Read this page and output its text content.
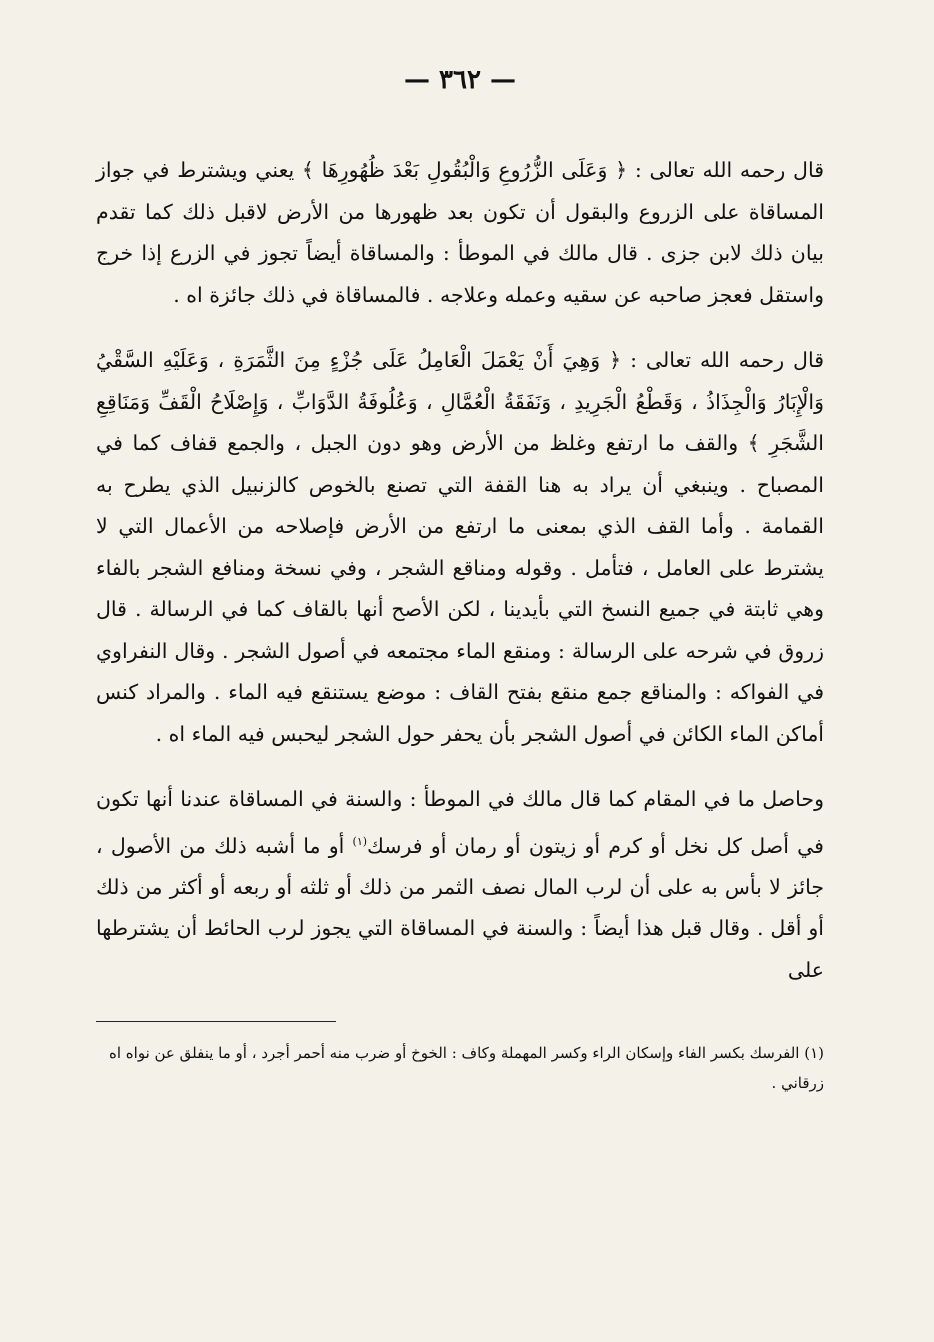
— ٣٦٢ —

قال رحمه الله تعالى : ﴿ وَعَلَى الزُّرُوعِ وَالْبُقُولِ بَعْدَ ظُهُورِهَا ﴾ يعني ويشترط في جواز المساقاة على الزروع والبقول أن تكون بعد ظهورها من الأرض لاقبل ذلك كما تقدم بيان ذلك لابن جزى . قال مالك في الموطأ : والمساقاة أيضاً تجوز في الزرع إذا خرج واستقل فعجز صاحبه عن سقيه وعمله وعلاجه . فالمساقاة في ذلك جائزة اه .

قال رحمه الله تعالى : ﴿ وَهِيَ أَنْ يَعْمَلَ الْعَامِلُ عَلَى جُزْءٍ مِنَ الثَّمَرَةِ ، وَعَلَيْهِ السَّقْيُ وَالْإِبَارُ وَالْجِذَاذُ ، وَقَطْعُ الْجَرِيدِ ، وَنَفَقَةُ الْعُمَّالِ ، وَعُلُوفَةُ الدَّوَابِّ ، وَإِصْلَاحُ الْقَفِّ وَمَنَاقِعِ الشَّجَرِ ﴾ والقف ما ارتفع وغلظ من الأرض وهو دون الجبل ، والجمع قفاف كما في المصباح . وينبغي أن يراد به هنا القفة التي تصنع بالخوص كالزنبيل الذي يطرح به القمامة . وأما القف الذي بمعنى ما ارتفع من الأرض فإصلاحه من الأعمال التي لا يشترط على العامل ، فتأمل . وقوله ومناقع الشجر ، وفي نسخة ومنافع الشجر بالفاء وهي ثابتة في جميع النسخ التي بأيدينا ، لكن الأصح أنها بالقاف كما في الرسالة . قال زروق في شرحه على الرسالة : ومنقع الماء مجتمعه في أصول الشجر . وقال النفراوي في الفواكه : والمناقع جمع منقع بفتح القاف : موضع يستنقع فيه الماء . والمراد كنس أماكن الماء الكائن في أصول الشجر بأن يحفر حول الشجر ليحبس فيه الماء اه .

وحاصل ما في المقام كما قال مالك في الموطأ : والسنة في المساقاة عندنا أنها تكون في أصل كل نخل أو كرم أو زيتون أو رمان أو فرسك$^{(١)}$ أو ما أشبه ذلك من الأصول ، جائز لا بأس به على أن لرب المال نصف الثمر من ذلك أو ثلثه أو ربعه أو أكثر من ذلك أو أقل . وقال قبل هذا أيضاً : والسنة في المساقاة التي يجوز لرب الحائط أن يشترطها على

(١) الفرسك بكسر الفاء وإسكان الراء وكسر المهملة وكاف : الخوخ أو ضرب منه أحمر أجرد ، أو ما ينفلق عن نواه اه زرقاني .
